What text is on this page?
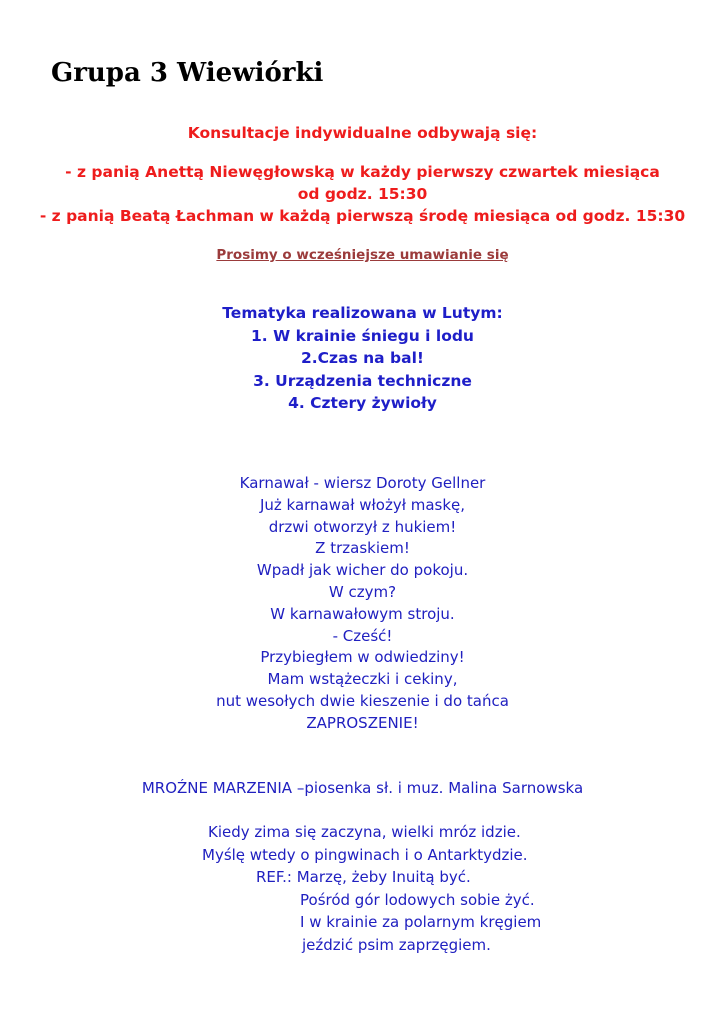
Grupa 3 Wiewiórki
Konsultacje indywidualne odbywają się:
- z panią Anettą Niewęgłowską w każdy pierwszy czwartek miesiąca
od godz. 15:30
- z panią Beatą Łachman w każdą pierwszą środę miesiąca od godz. 15:30
Prosimy o wcześniejsze umawianie się
Tematyka realizowana w Lutym:
1. W krainie śniegu i lodu
2.Czas na bal!
3. Urządzenia techniczne
4. Cztery żywioły
Karnawał - wiersz Doroty Gellner
Już karnawał włożył maskę,
drzwi otworzył z hukiem!
Z trzaskiem!
Wpadł jak wicher do pokoju.
W czym?
W karnawałowym stroju.
- Cześć!
Przybiegłem w odwiedziny!
Mam wstążeczki i cekiny,
nut wesołych dwie kieszenie i do tańca
ZAPROSZENIE!
MROŹNE MARZENIA –piosenka sł. i muz. Malina Sarnowska
Kiedy zima się zaczyna, wielki mróz idzie.
Myślę wtedy o pingwinach i o Antarktydzie.
REF.: Marzę, żeby Inuitą być.
Pośród gór lodowych sobie żyć.
I w krainie za polarnym kręgiem
jeździć psim zaprzęgiem.
